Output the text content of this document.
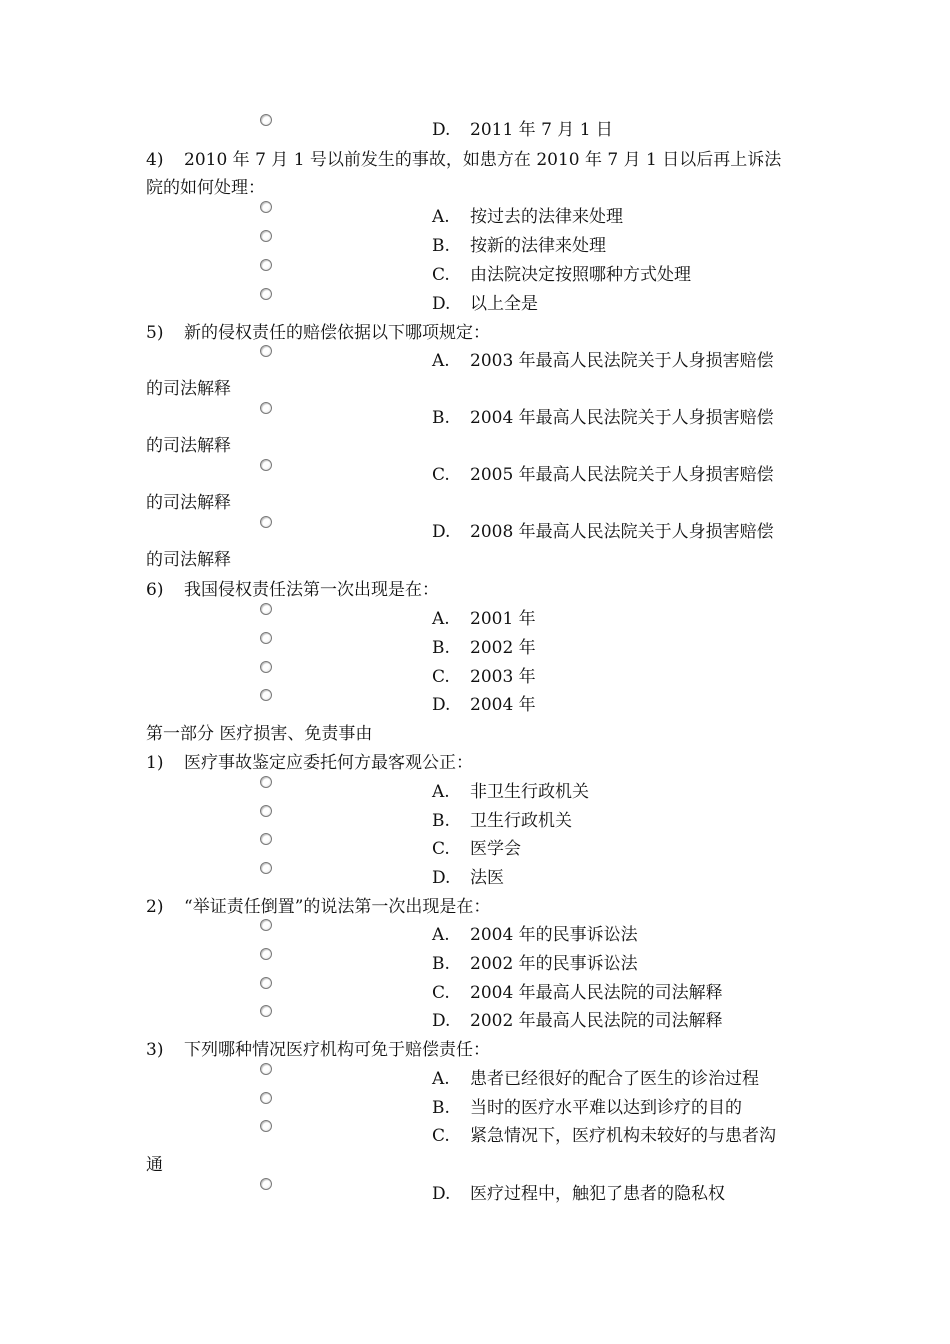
D. 2011 年 7 月 1 日
4) 2010 年 7 月 1 号以前发生的事故，如患方在 2010 年 7 月 1 日以后再上诉法
院的如何处理：
A. 按过去的法律来处理
B. 按新的法律来处理
C. 由法院决定按照哪种方式处理
D. 以上全是
5) 新的侵权责任的赔偿依据以下哪项规定：
A. 2003 年最高人民法院关于人身损害赔偿
的司法解释
B. 2004 年最高人民法院关于人身损害赔偿
的司法解释
C. 2005 年最高人民法院关于人身损害赔偿
的司法解释
D. 2008 年最高人民法院关于人身损害赔偿
的司法解释
6) 我国侵权责任法第一次出现是在：
A. 2001 年
B. 2002 年
C. 2003 年
D. 2004 年
第一部分 医疗损害、免责事由
1) 医疗事故鉴定应委托何方最客观公正：
A. 非卫生行政机关
B. 卫生行政机关
C. 医学会
D. 法医
2) “举证责任倒置”的说法第一次出现是在：
A. 2004 年的民事诉讼法
B. 2002 年的民事诉讼法
C. 2004 年最高人民法院的司法解释
D. 2002 年最高人民法院的司法解释
3) 下列哪种情况医疗机构可免于赔偿责任：
A. 患者已经很好的配合了医生的诊治过程
B. 当时的医疗水平难以达到诊疗的目的
C. 紧急情况下，医疗机构未较好的与患者沟
通
D. 医疗过程中，触犯了患者的隐私权
